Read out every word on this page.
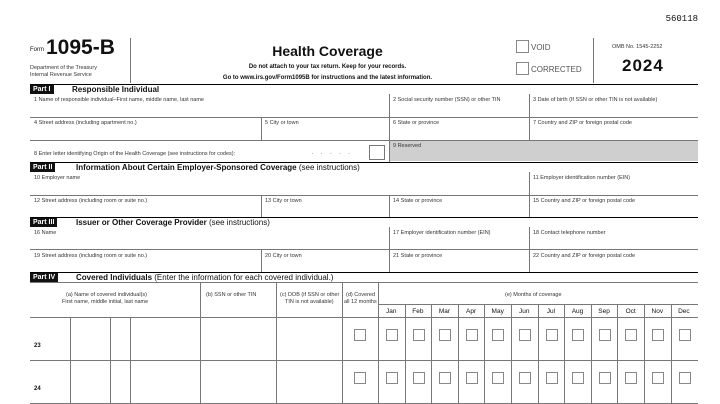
560118
Form 1095-B
Department of the Treasury
Internal Revenue Service
Health Coverage
Do not attach to your tax return. Keep for your records.
Go to www.irs.gov/Form1095B for instructions and the latest information.
VOID
CORRECTED
OMB No. 1545-2252
2024
Part I	Responsible Individual
1 Name of responsible individual–First name, middle name, last name	2 Social security number (SSN) or other TIN	3 Date of birth (If SSN or other TIN is not available)
4 Street address (including apartment no.)	5 City or town	6 State or province	7 Country and ZIP or foreign postal code
8 Enter letter identifying Origin of the Health Coverage (see instructions for codes):	. . . . .
9 Reserved
Part II	Information About Certain Employer-Sponsored Coverage (see instructions)
10 Employer name	11 Employer identification number (EIN)
12 Street address (including room or suite no.)	13 City or town	14 State or province	15 Country and ZIP or foreign postal code
Part III	Issuer or Other Coverage Provider (see instructions)
16 Name	17 Employer identification number (EIN)	18 Contact telephone number
19 Street address (including room or suite no.)	20 City or town	21 State or province	22 Country and ZIP or foreign postal code
Part IV	Covered Individuals (Enter the information for each covered individual.)
(a) Name of covered individual(s)
First name, middle initial, last name
(b) SSN or other TIN	(c) DOB (if SSN or other
TIN is not available)
(d) Covered
all 12 months
(e) Months of coverage
Jan	Feb	Mar	Apr	May	Jun	Jul	Aug	Sep	Oct	Nov	Dec
23
24
